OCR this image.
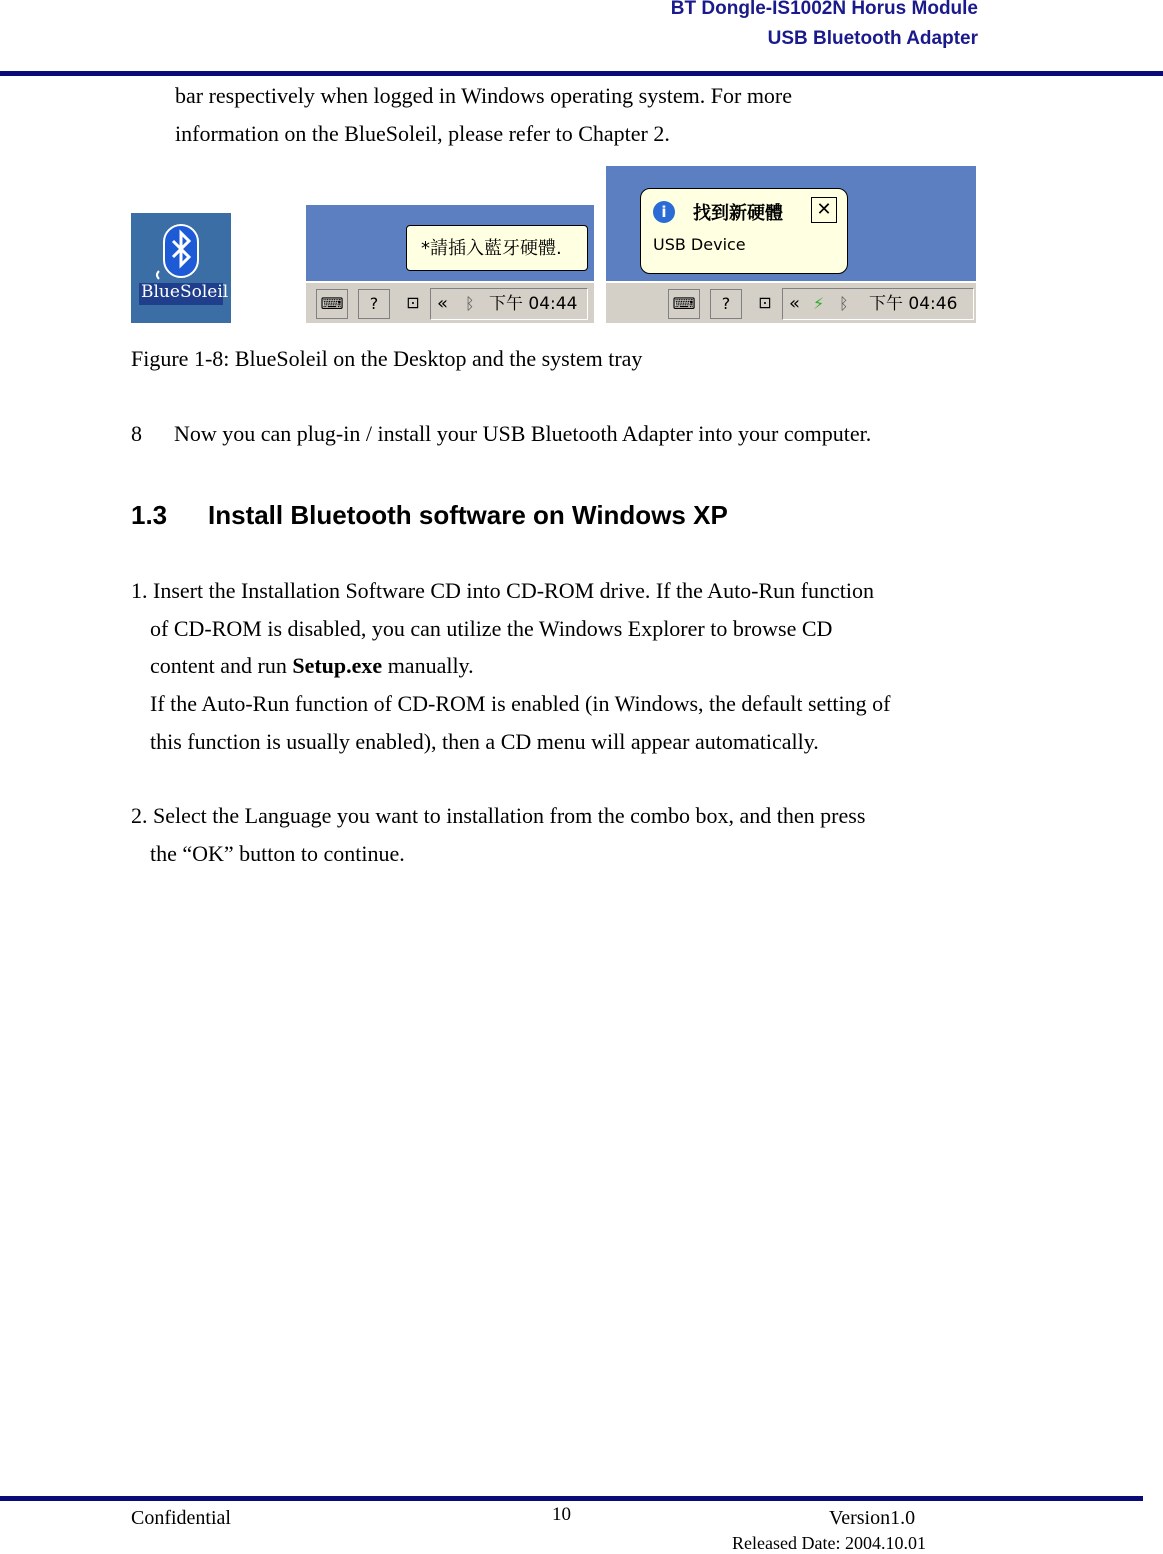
BT Dongle-IS1002N Horus Module
USB Bluetooth Adapter
bar respectively when logged in Windows operating system. For more
information on the BlueSoleil, please refer to Chapter 2.
BlueSoleil
*請插入藍牙硬體.
⌨	?	⊡ « ᛒ 下午 04:44
i	找到新硬體	✕
USB Device
⌨	?	⊡ « ⚡ ᛒ 下午 04:46
Figure 1-8: BlueSoleil on the Desktop and the system tray
8 Now you can plug-in / install your USB Bluetooth Adapter into your computer.
1.3 Install Bluetooth software on Windows XP
1. Insert the Installation Software CD into CD-ROM drive. If the Auto-Run function
of CD-ROM is disabled, you can utilize the Windows Explorer to browse CD
content and run Setup.exe manually.
If the Auto-Run function of CD-ROM is enabled (in Windows, the default setting of
this function is usually enabled), then a CD menu will appear automatically.
2. Select the Language you want to installation from the combo box, and then press
the “OK” button to continue.
Confidential	10	Version1.0
Released Date: 2004.10.01
